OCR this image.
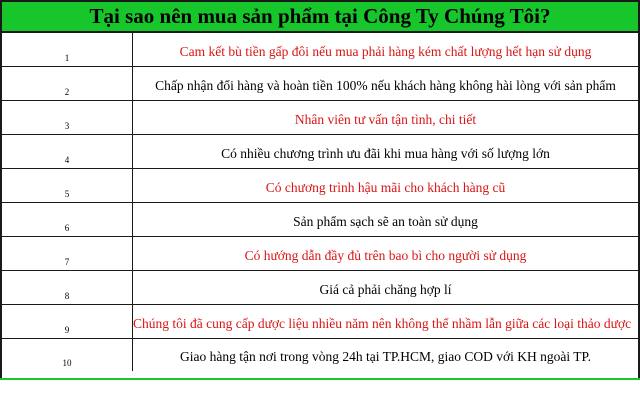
Tại sao nên mua sản phẩm tại Công Ty Chúng Tôi?
1	Cam kết bù tiền gấp đôi nếu mua phải hàng kém chất lượng hết hạn sử dụng
2	Chấp nhận đổi hàng và hoàn tiền 100% nếu khách hàng không hài lòng với sản phẩm
3	Nhân viên tư vấn tận tình, chi tiết
4	Có nhiều chương trình ưu đãi khi mua hàng với số lượng lớn
5	Có chương trình hậu mãi cho khách hàng cũ
6	Sản phẩm sạch sẽ an toàn sử dụng
7	Có hướng dẫn đầy đủ trên bao bì cho người sử dụng
8	Giá cả phải chăng hợp lí
9	Chúng tôi đã cung cấp dược liệu nhiều năm nên không thể nhầm lẫn giữa các loại thảo dược
10	Giao hàng tận nơi trong vòng 24h tại TP.HCM, giao COD với KH ngoài TP.
